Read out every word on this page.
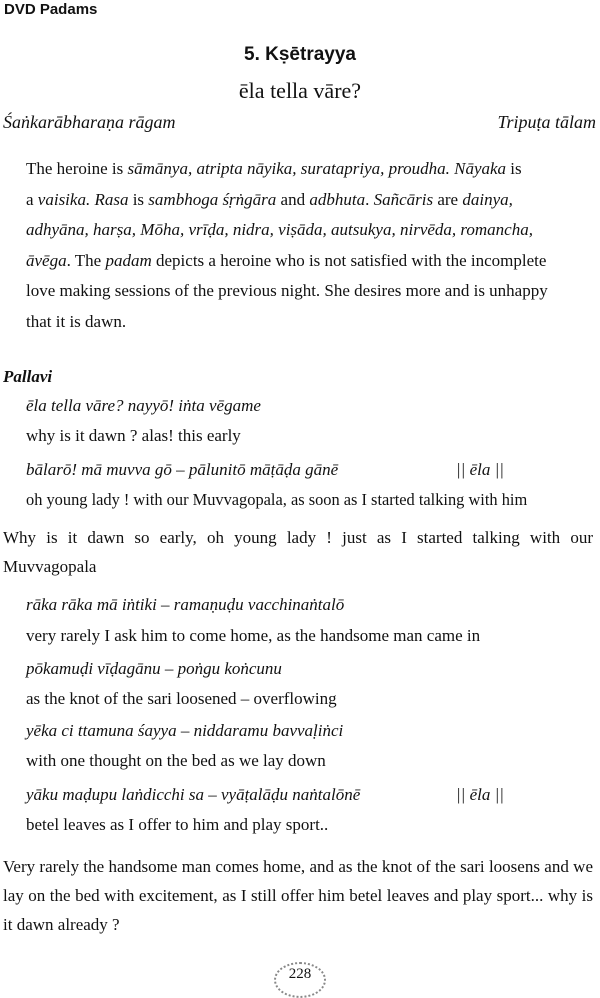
DVD Padams
5. Kṣētrayya
ēla tella vāre?
Śaṅkarābharaṇa rāgam	Tripuṭa tālam
The heroine is sāmānya, atripta nāyika, suratapriya, proudha. Nāyaka is
a vaisika. Rasa is sambhoga śṛṅgāra and adbhuta. Sañcāris are dainya,
adhyāna, harṣa, Mōha, vrīḍa, nidra, viṣāda, autsukya, nirvēda, romancha,
āvēga. The padam depicts a heroine who is not satisfied with the incomplete
love making sessions of the previous night. She desires more and is unhappy
that it is dawn.
Pallavi
ēla tella vāre? nayyō! iṅta vēgame
why is it dawn ? alas! this early
bālarō! mā muvva gō – pālunitō māṭāḍa gānē	|| ēla ||
oh young lady ! with our Muvvagopala, as soon as I started talking with him
Why is it dawn so early, oh young lady ! just as I started talking with our Muvvagopala
rāka rāka mā iṅtiki – ramaṇuḍu vacchinaṅtalō
very rarely I ask him to come home, as the handsome man came in
pōkamuḍi vīḍagānu – poṅgu koṅcunu
as the knot of the sari loosened – overflowing
yēka ci ttamuna śayya – niddaramu bavvaḷiṅci
with one thought on the bed as we lay down
yāku maḍupu laṅdicchi sa – vyāṭalāḍu naṅtalōnē	|| ēla ||
betel leaves as I offer to him and play sport..
Very rarely the handsome man comes home, and as the knot of the sari loosens and we lay on the bed with excitement, as I still offer him betel leaves and play sport... why is it dawn already ?
228
